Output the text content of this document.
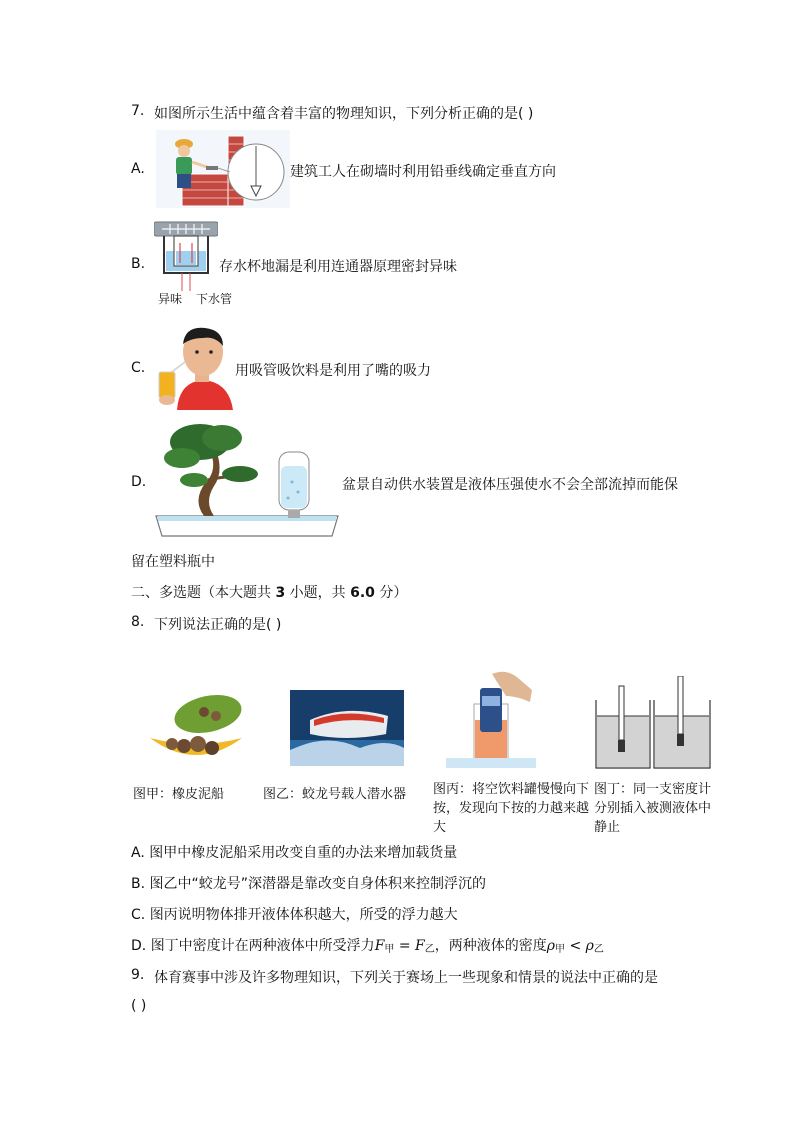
7. 如图所示生活中蕴含着丰富的物理知识，下列分析正确的是( )
A.	建筑工人在砌墙时利用铅垂线确定垂直方向
B.	存水杯地漏是利用连通器原理密封异味
异味 下水管
C.	用吸管吸饮料是利用了嘴的吸力
D.	盆景自动供水装置是液体压强使水不会全部流掉而能保
留在塑料瓶中
二、多选题（本大题共 3 小题，共 6.0 分）
8. 下列说法正确的是( )
图甲：橡皮泥船	图乙：蛟龙号载人潜水器	图丙：将空饮料罐慢慢向下按，发现向下按的力越来越大
图丁：同一支密度计分别插入被测液体中静止
A. 图甲中橡皮泥船采用改变自重的办法来增加载货量
B. 图乙中“蛟龙号”深潜器是靠改变自身体积来控制浮沉的
C. 图丙说明物体排开液体体积越大，所受的浮力越大
D. 图丁中密度计在两种液体中所受浮力$F_甲 = F_乙$，两种液体的密度$\rho_甲 < \rho_乙$
9. 体育赛事中涉及许多物理知识，下列关于赛场上一些现象和情景的说法中正确的是
( )
